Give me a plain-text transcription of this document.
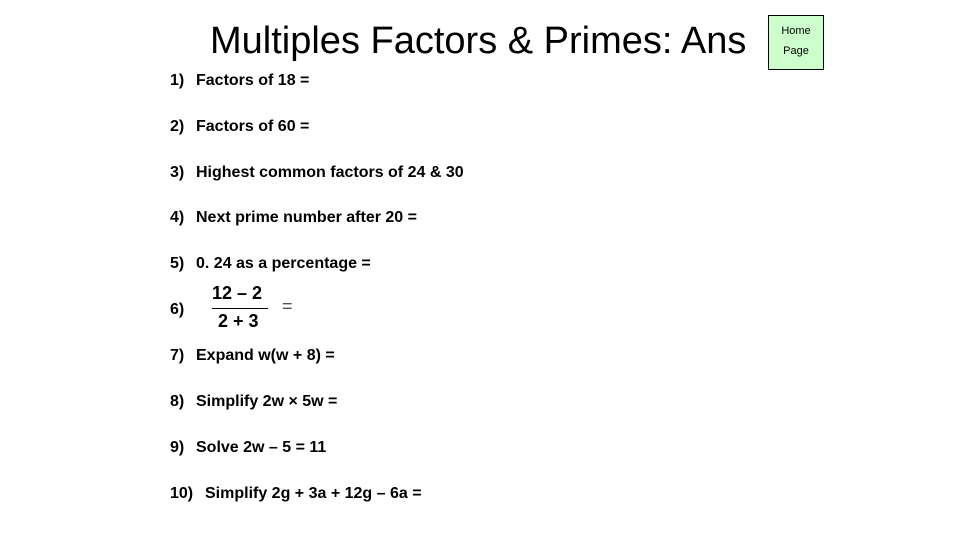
Multiples Factors & Primes: Ans	Home
Page

1) Factors of 18 =

2) Factors of 60 =

3) Highest common factors of 24 & 30

4) Next prime number after 20 =

5) 0. 24 as a percentage =

6)

12 – 2
2 + 3
=

7) Expand w(w + 8) =

8) Simplify 2w × 5w =

9) Solve 2w – 5 = 11

10) Simplify 2g + 3a + 12g – 6a =
